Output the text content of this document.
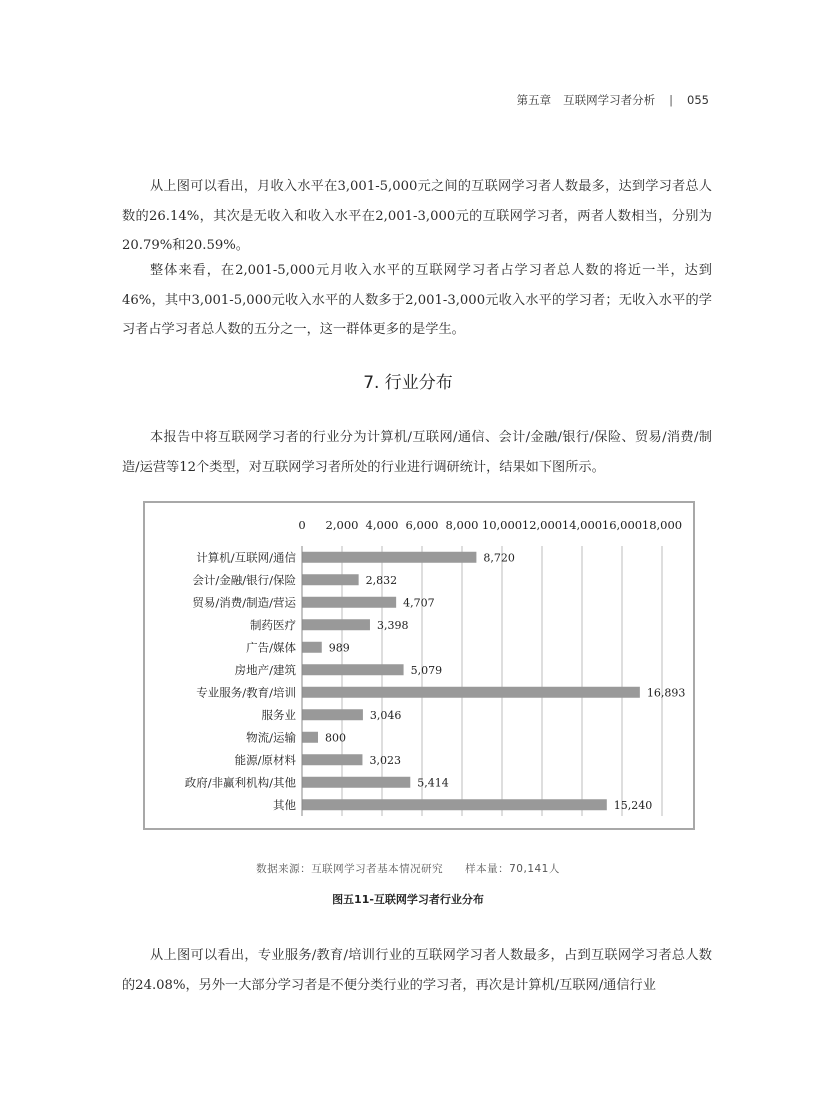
第五章 互联网学习者分析 | 055

从上图可以看出，月收入水平在3,001-5,000元之间的互联网学习者人数最多，达到学习者总人数的26.14%，其次是无收入和收入水平在2,001-3,000元的互联网学习者，两者人数相当，分别为20.79%和20.59%。

整体来看，在2,001-5,000元月收入水平的互联网学习者占学习者总人数的将近一半，达到46%，其中3,001-5,000元收入水平的人数多于2,001-3,000元收入水平的学习者；无收入水平的学习者占学习者总人数的五分之一，这一群体更多的是学生。

7. 行业分布

本报告中将互联网学习者的行业分为计算机/互联网/通信、会计/金融/银行/保险、贸易/消费/制造/运营等12个类型，对互联网学习者所处的行业进行调研统计，结果如下图所示。

0 2,000 4,000 6,000 8,000 10,000 12,000 14,000 16,000 18,000
计算机/互联网/通信	8,720
会计/金融/银行/保险	2,832
贸易/消费/制造/营运	4,707
制药医疗	3,398
广告/媒体	989
房地产/建筑	5,079
专业服务/教育/培训	16,893
服务业	3,046
物流/运输	800
能源/原材料	3,023
政府/非赢利机构/其他	5,414
其他	15,240
数据来源：互联网学习者基本情况研究 样本量：70,141人
图五11-互联网学习者行业分布

从上图可以看出，专业服务/教育/培训行业的互联网学习者人数最多，占到互联网学习者总人数的24.08%，另外一大部分学习者是不便分类行业的学习者，再次是计算机/互联网/通信行业
